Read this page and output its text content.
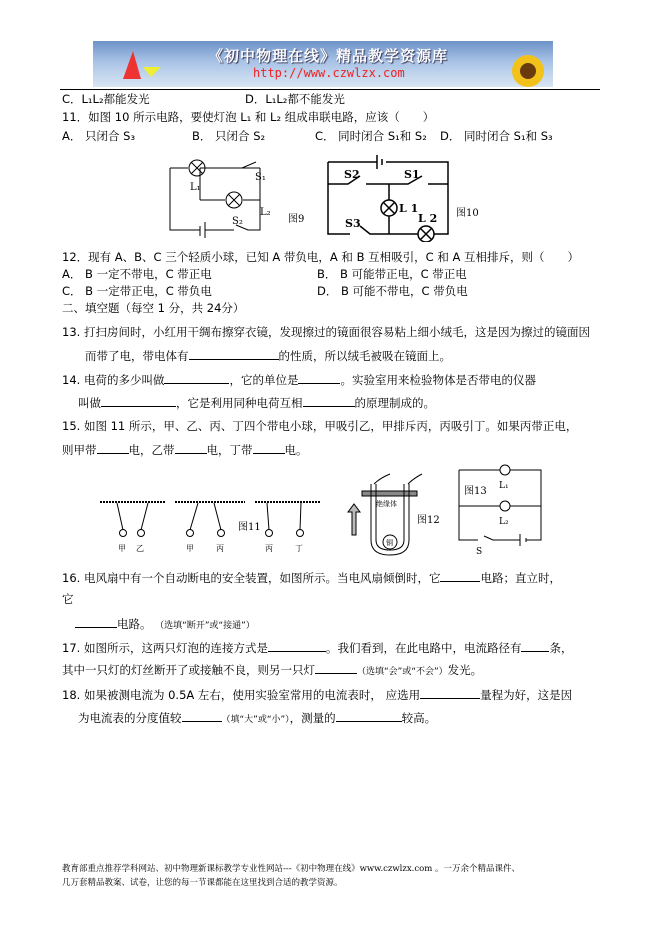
《初中物理在线》精品教学资源库
http://www.czwlzx.com
C．L₁L₂都能发光	D．L₁L₂都不能发光
11．如图 10 所示电路，要使灯泡 L₁ 和 L₂ 组成串联电路，应该（　　）
A． 只闭合 S₃	B． 只闭合 S₂	C． 同时闭合 S₁和 S₂ D． 同时闭合 S₁和 S₃
L₁
S₁
L₂
S₂	图9
S2	S1
L 1
S3	L 2 图10
12．现有 A、B、C 三个轻质小球，已知 A 带负电，A 和 B 互相吸引，C 和 A 互相排斥，则（　　）
A． B 一定不带电，C 带正电	B． B 可能带正电，C 带正电
C． B 一定带正电，C 带负电	D． B 可能不带电，C 带负电
二、填空题（每空 1 分，共 24分）
13. 打扫房间时，小红用干绸布擦穿衣镜，发现擦过的镜面很容易粘上细小绒毛，这是因为擦过的镜面因
而带了电，带电体有	的性质，所以绒毛被吸在镜面上。
14. 电荷的多少叫做	，它的单位是	。实验室用来检验物体是否带电的仪器
叫做	，它是利用同种电荷互相	的原理制成的。
15. 如图 11 所示，甲、乙、丙、丁四个带电小球，甲吸引乙，甲排斥丙，丙吸引丁。如果丙带正电，
则甲带	电，乙带	电，丁带	电。
甲 乙	甲	丙	丙	丁
图11
绝缘体
铜
图12
L₁
L₂
S
图13
16. 电风扇中有一个自动断电的安全装置，如图所示。当电风扇倾倒时，它	电路；直立时，
它
电路。 （选填“断开”或“接通”）
17. 如图所示，这两只灯泡的连接方式是	。我们看到，在此电路中，电流路径有 条，
其中一只灯的灯丝断开了或接触不良，则另一只灯	（选填“会”或“不会”）发光。
18. 如果被测电流为 0.5A 左右，使用实验室常用的电流表时， 应选用	量程为好，这是因
为电流表的分度值较	（填“大”或“小”），测量的	较高。
教育部重点推荐学科网站、初中物理新课标教学专业性网站---《初中物理在线》www.czwlzx.com 。一万余个精品课件、
几万套精品教案、试卷，让您的每一节课都能在这里找到合适的教学资源。
